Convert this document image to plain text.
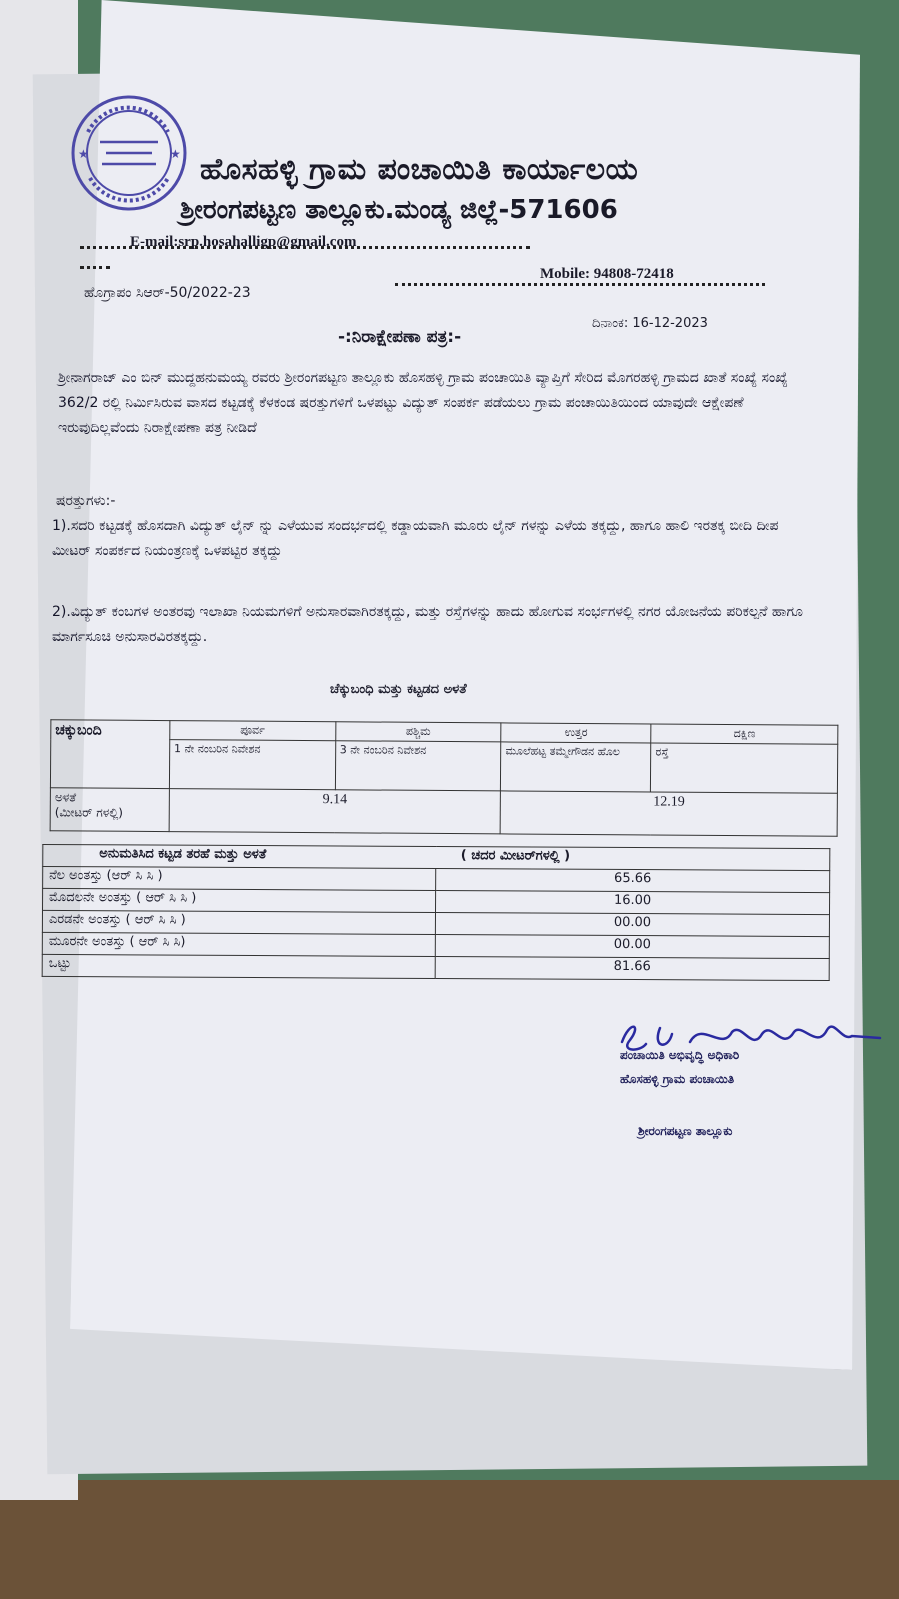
★	★ ಹೊಸಹಳ್ಳಿ ಗ್ರಾಮ ಪಂಚಾಯಿತಿ ಕಾರ್ಯಾಲಯ

ಶ್ರೀರಂಗಪಟ್ಟಣ ತಾಲ್ಲೂಕು.ಮಂಡ್ಯ ಜಿಲ್ಲೆ-571606

E-mail:srp.hosahalligp@gmail.com

Mobile: 94808-72418

ಹೊಗ್ರಾಪಂ ಸಿಆರ್-50/2022-23

ದಿನಾಂಕ: 16-12-2023

-:ನಿರಾಕ್ಷೇಪಣಾ ಪತ್ರ:-

ಶ್ರೀನಾಗರಾಜ್ ಎಂ ಬಿನ್ ಮುದ್ದಹನುಮಯ್ಯ ರವರು ಶ್ರೀರಂಗಪಟ್ಟಣ ತಾಲ್ಲೂಕು ಹೊಸಹಳ್ಳಿ ಗ್ರಾಮ ಪಂಚಾಯಿತಿ ವ್ಯಾಪ್ತಿಗೆ ಸೇರಿದ ಮೊಗರಹಳ್ಳಿ ಗ್ರಾಮದ ಖಾತೆ ಸಂಖ್ಯೆ ಸಂಖ್ಯೆ 362/2 ರಲ್ಲಿ ನಿರ್ಮಿಸಿರುವ ವಾಸದ ಕಟ್ಟಡಕ್ಕೆ ಕೆಳಕಂಡ ಷರತ್ತುಗಳಿಗೆ ಒಳಪಟ್ಟು ವಿದ್ಯುತ್ ಸಂಪರ್ಕ ಪಡೆಯಲು ಗ್ರಾಮ ಪಂಚಾಯಿತಿಯಿಂದ ಯಾವುದೇ ಆಕ್ಷೇಪಣೆ ಇರುವುದಿಲ್ಲವೆಂದು ನಿರಾಕ್ಷೇಪಣಾ ಪತ್ರ ನೀಡಿದೆ

ಷರತ್ತುಗಳು:-

1).ಸದರಿ ಕಟ್ಟಡಕ್ಕೆ ಹೊಸದಾಗಿ ವಿದ್ಯುತ್ ಲೈನ್ ನ್ನು ಎಳೆಯುವ ಸಂದರ್ಭದಲ್ಲಿ ಕಡ್ಡಾಯವಾಗಿ ಮೂರು ಲೈನ್ ಗಳನ್ನು ಎಳೆಯ ತಕ್ಕದ್ದು, ಹಾಗೂ ಹಾಲಿ ಇರತಕ್ಕ ಬೀದಿ ದೀಪ ಮೀಟರ್ ಸಂಪರ್ಕದ ನಿಯಂತ್ರಣಕ್ಕೆ ಒಳಪಟ್ಟಿರ ತಕ್ಕದ್ದು

2).ವಿದ್ಯುತ್ ಕಂಬಗಳ ಅಂತರವು ಇಲಾಖಾ ನಿಯಮಗಳಿಗೆ ಅನುಸಾರವಾಗಿರತಕ್ಕದ್ದು, ಮತ್ತು ರಸ್ತೆಗಳನ್ನು ಹಾದು ಹೋಗುವ ಸಂರ್ಭಗಳಲ್ಲಿ ನಗರ ಯೋಜನೆಯ ಪರಿಕಲ್ಪನೆ ಹಾಗೂ ಮಾರ್ಗಸೂಚಿ ಅನುಸಾರವಿರತಕ್ಕದ್ದು.

ಚೆಕ್ಕುಬಂಧಿ ಮತ್ತು ಕಟ್ಟಡದ ಅಳತೆ

ಚಕ್ಕುಬಂದಿ	ಪೂರ್ವ	ಪಶ್ಚಿಮ	ಉತ್ತರ	ದಕ್ಷಿಣ
	1 ನೇ ನಂಬರಿನ ನಿವೇಶನ	3 ನೇ ನಂಬರಿನ ನಿವೇಶನ	ಮೂಲೆಹಟ್ಟ ತಮ್ಮೇಗೌಡನ ಹೊಲ	ರಸ್ತೆ

ಅಳತೆ
(ಮೀಟರ್ ಗಳಲ್ಲಿ)	9.14		12.19	
ಅನುಮತಿಸಿದ ಕಟ್ಟಡ ತರಹೆ ಮತ್ತು ಅಳತೆ ( ಚದರ ಮೀಟರ್‌ಗಳಲ್ಲಿ )	
ನೆಲ ಅಂತಸ್ತು (ಆರ್ ಸಿ ಸಿ )	65.66
ಮೊದಲನೇ ಅಂತಸ್ತು ( ಆರ್ ಸಿ ಸಿ )	16.00
ಎರಡನೇ ಅಂತಸ್ತು ( ಆರ್ ಸಿ ಸಿ )	00.00
ಮೂರನೇ ಅಂತಸ್ತು ( ಆರ್ ಸಿ ಸಿ)	00.00
ಒಟ್ಟು	81.66

ಪಂಚಾಯಿತಿ ಅಭಿವೃದ್ಧಿ ಅಧಿಕಾರಿ

ಹೊಸಹಳ್ಳಿ ಗ್ರಾಮ ಪಂಚಾಯಿತಿ

ಶ್ರೀರಂಗಪಟ್ಟಣ ತಾಲ್ಲೂಕು
